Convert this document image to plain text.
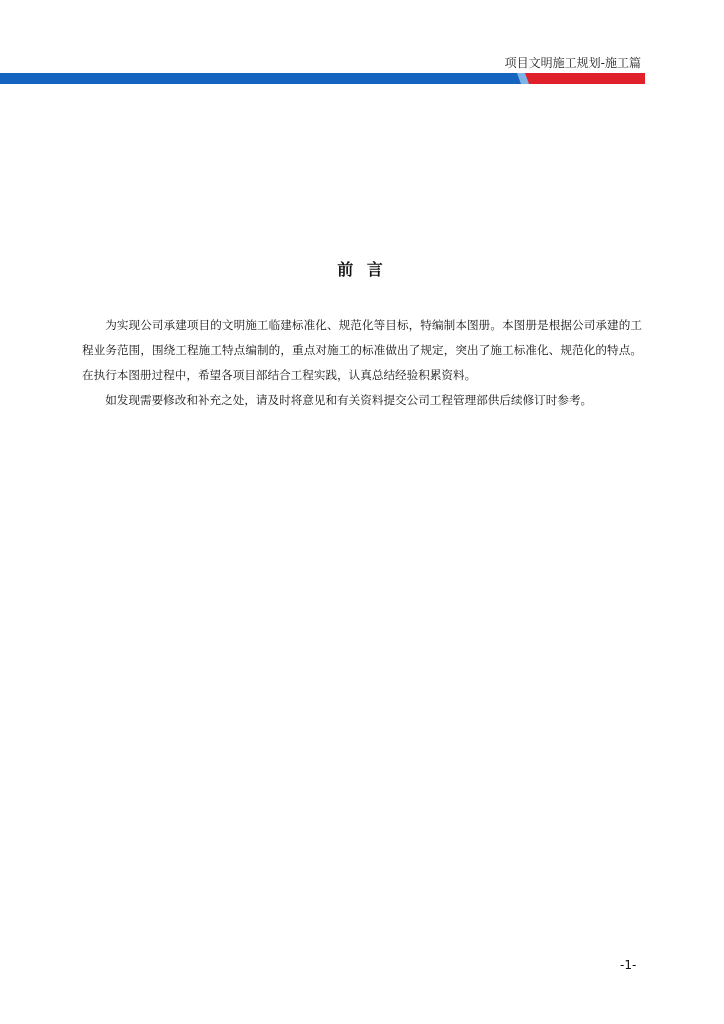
项目文明施工规划-施工篇
前 言

为实现公司承建项目的文明施工临建标准化、规范化等目标，特编制本图册。本图册是根据公司承建的工程业务范围，围绕工程施工特点编制的，重点对施工的标准做出了规定，突出了施工标准化、规范化的特点。在执行本图册过程中，希望各项目部结合工程实践，认真总结经验积累资料。

如发现需要修改和补充之处，请及时将意见和有关资料提交公司工程管理部供后续修订时参考。

-1-
